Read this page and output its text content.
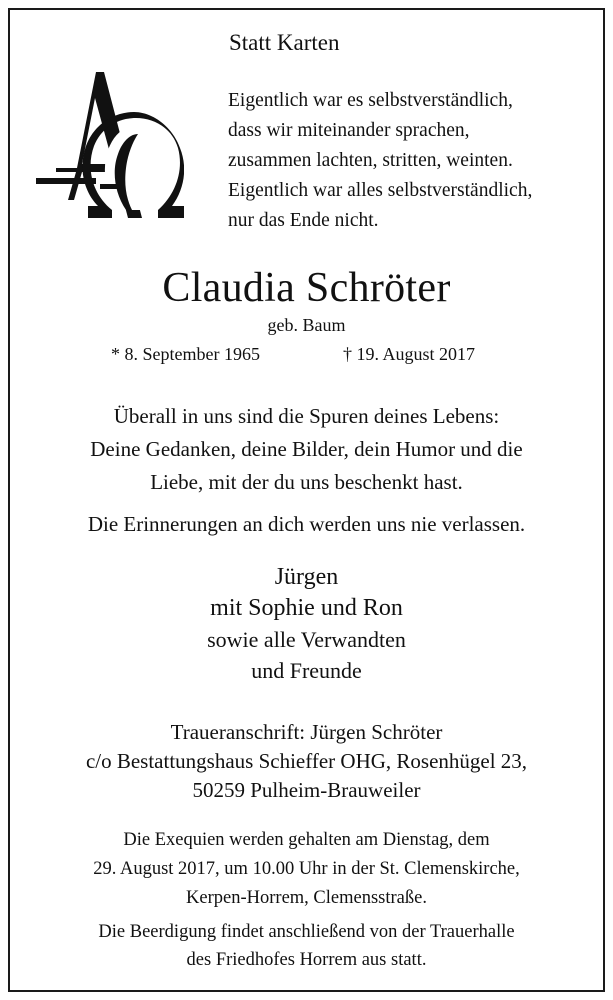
Statt Karten
Eigentlich war es selbstverständlich,
dass wir miteinander sprachen,
zusammen lachten, stritten, weinten.
Eigentlich war alles selbstverständlich,
nur das Ende nicht.
Claudia Schröter
geb. Baum
* 8. September 1965	† 19. August 2017
Überall in uns sind die Spuren deines Lebens:
Deine Gedanken, deine Bilder, dein Humor und die
Liebe, mit der du uns beschenkt hast.
Die Erinnerungen an dich werden uns nie verlassen.
Jürgen
mit Sophie und Ron
sowie alle Verwandten
und Freunde
Traueranschrift: Jürgen Schröter
c/o Bestattungshaus Schieffer OHG, Rosenhügel 23,
50259 Pulheim-Brauweiler
Die Exequien werden gehalten am Dienstag, dem
29. August 2017, um 10.00 Uhr in der St. Clemenskirche,
Kerpen-Horrem, Clemensstraße.
Die Beerdigung findet anschließend von der Trauerhalle
des Friedhofes Horrem aus statt.
